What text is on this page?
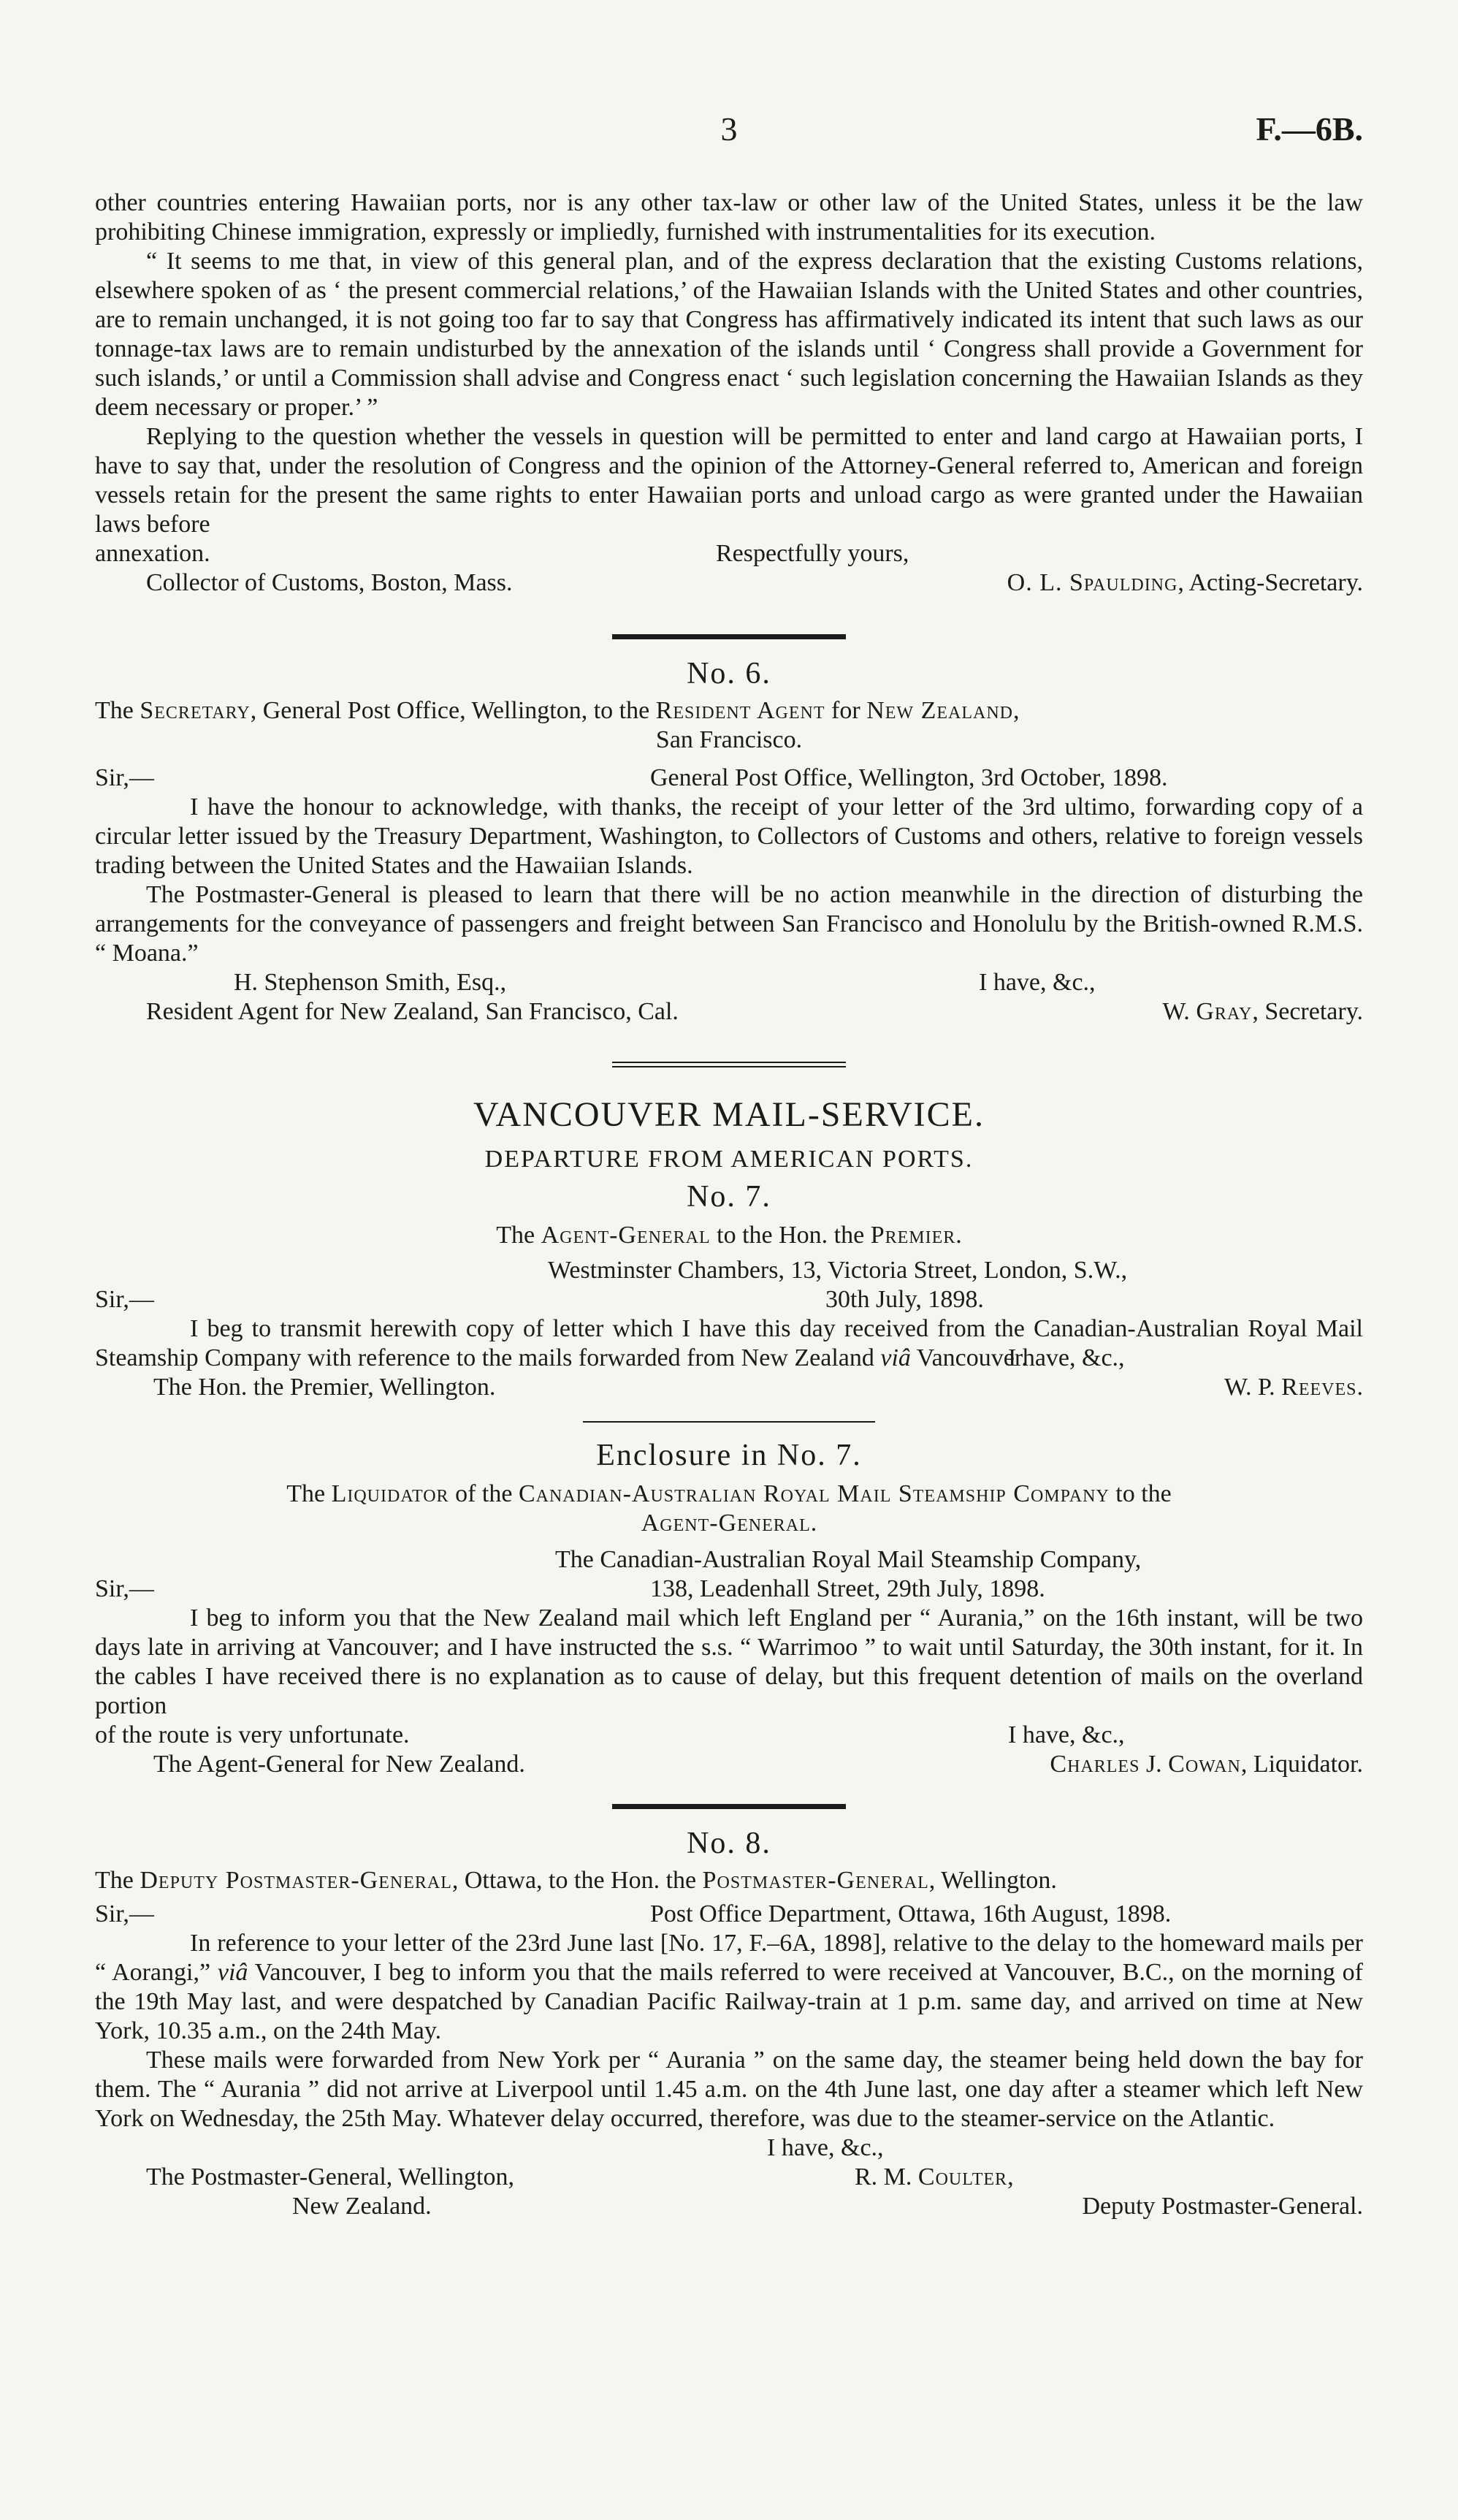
3	F.—6B.

other countries entering Hawaiian ports, nor is any other tax-law or other law of the United States, unless it be the law prohibiting Chinese immigration, expressly or impliedly, furnished with instrumentalities for its execution.

“ It seems to me that, in view of this general plan, and of the express declaration that the existing Customs relations, elsewhere spoken of as ‘ the present commercial relations,’ of the Hawaiian Islands with the United States and other countries, are to remain unchanged, it is not going too far to say that Congress has affirmatively indicated its intent that such laws as our tonnage-tax laws are to remain undisturbed by the annexation of the islands until ‘ Congress shall provide a Government for such islands,’ or until a Commission shall advise and Congress enact ‘ such legislation concerning the Hawaiian Islands as they deem necessary or proper.’ ”

Replying to the question whether the vessels in question will be permitted to enter and land cargo at Hawaiian ports, I have to say that, under the resolution of Congress and the opinion of the Attorney-General referred to, American and foreign vessels retain for the present the same rights to enter Hawaiian ports and unload cargo as were granted under the Hawaiian laws before

annexation.	Respectfully yours,
Collector of Customs, Boston, Mass.	O. L. Spaulding, Acting-Secretary.
No. 6.

The Secretary, General Post Office, Wellington, to the Resident Agent for New Zealand,

San Francisco.
Sir,—	General Post Office, Wellington, 3rd October, 1898.

I have the honour to acknowledge, with thanks, the receipt of your letter of the 3rd ultimo, forwarding copy of a circular letter issued by the Treasury Department, Washington, to Collectors of Customs and others, relative to foreign vessels trading between the United States and the Hawaiian Islands.

The Postmaster-General is pleased to learn that there will be no action meanwhile in the direction of disturbing the arrangements for the conveyance of passengers and freight between San Francisco and Honolulu by the British-owned R.M.S. “ Moana.”

H. Stephenson Smith, Esq.,	I have, &c.,
Resident Agent for New Zealand, San Francisco, Cal.	W. Gray, Secretary.
VANCOUVER MAIL-SERVICE.
DEPARTURE FROM AMERICAN PORTS.
No. 7.
The Agent-General to the Hon. the Premier.
Westminster Chambers, 13, Victoria Street, London, S.W.,
Sir,—	30th July, 1898.

I beg to transmit herewith copy of letter which I have this day received from the Canadian-Australian Royal Mail Steamship Company with reference to the mails forwarded from New Zealand viâ Vancouver.

I have, &c.,
The Hon. the Premier, Wellington.	W. P. Reeves.
Enclosure in No. 7.
The Liquidator of the Canadian-Australian Royal Mail Steamship Company to the
Agent-General.
The Canadian-Australian Royal Mail Steamship Company,
Sir,—	138, Leadenhall Street, 29th July, 1898.

I beg to inform you that the New Zealand mail which left England per “ Aurania,” on the 16th instant, will be two days late in arriving at Vancouver; and I have instructed the s.s. “ Warrimoo ” to wait until Saturday, the 30th instant, for it. In the cables I have received there is no explanation as to cause of delay, but this frequent detention of mails on the overland portion

of the route is very unfortunate.	I have, &c.,
The Agent-General for New Zealand.	Charles J. Cowan, Liquidator.
No. 8.

The Deputy Postmaster-General, Ottawa, to the Hon. the Postmaster-General, Wellington.

Sir,—	Post Office Department, Ottawa, 16th August, 1898.

In reference to your letter of the 23rd June last [No. 17, F.–6A, 1898], relative to the delay to the homeward mails per “ Aorangi,” viâ Vancouver, I beg to inform you that the mails referred to were received at Vancouver, B.C., on the morning of the 19th May last, and were despatched by Canadian Pacific Railway-train at 1 p.m. same day, and arrived on time at New York, 10.35 a.m., on the 24th May.

These mails were forwarded from New York per “ Aurania ” on the same day, the steamer being held down the bay for them. The “ Aurania ” did not arrive at Liverpool until 1.45 a.m. on the 4th June last, one day after a steamer which left New York on Wednesday, the 25th May. Whatever delay occurred, therefore, was due to the steamer-service on the Atlantic.

I have, &c.,
The Postmaster-General, Wellington,	R. M. Coulter,
New Zealand.	Deputy Postmaster-General.
